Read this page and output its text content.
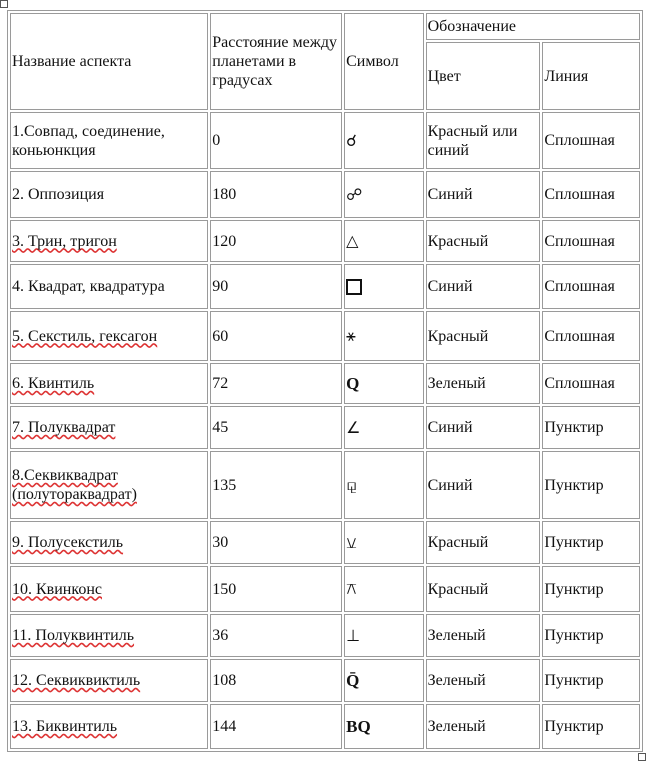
Название аспекта	Расстояние между планетами в градусах	Символ	Обозначение	
			Цвет	Линия
1.Совпад, соединение, коньюнкция	0	☌	Красный или синий	Сплошная
2. Оппозиция	180	☍	Синий	Сплошная
3. Трин, тригон	120	△	Красный	Сплошная
4. Квадрат, квадратура	90		Синий	Сплошная
5. Секстиль, гексагон	60	⚹	Красный	Сплошная
6. Квинтиль	72	Q	Зеленый	Сплошная
7. Полуквадрат	45	∠	Синий	Пунктир
8.Секвиквадрат (полутораквадрат)	135	⚼	Синий	Пунктир
9. Полусекстиль	30	⚺	Красный	Пунктир
10. Квинконс	150	⚻	Красный	Пунктир
11. Полуквинтиль	36	⊥	Зеленый	Пунктир
12. Секвиквиктиль	108	Q̄	Зеленый	Пунктир
13. Биквинтиль	144	BQ	Зеленый	Пунктир
